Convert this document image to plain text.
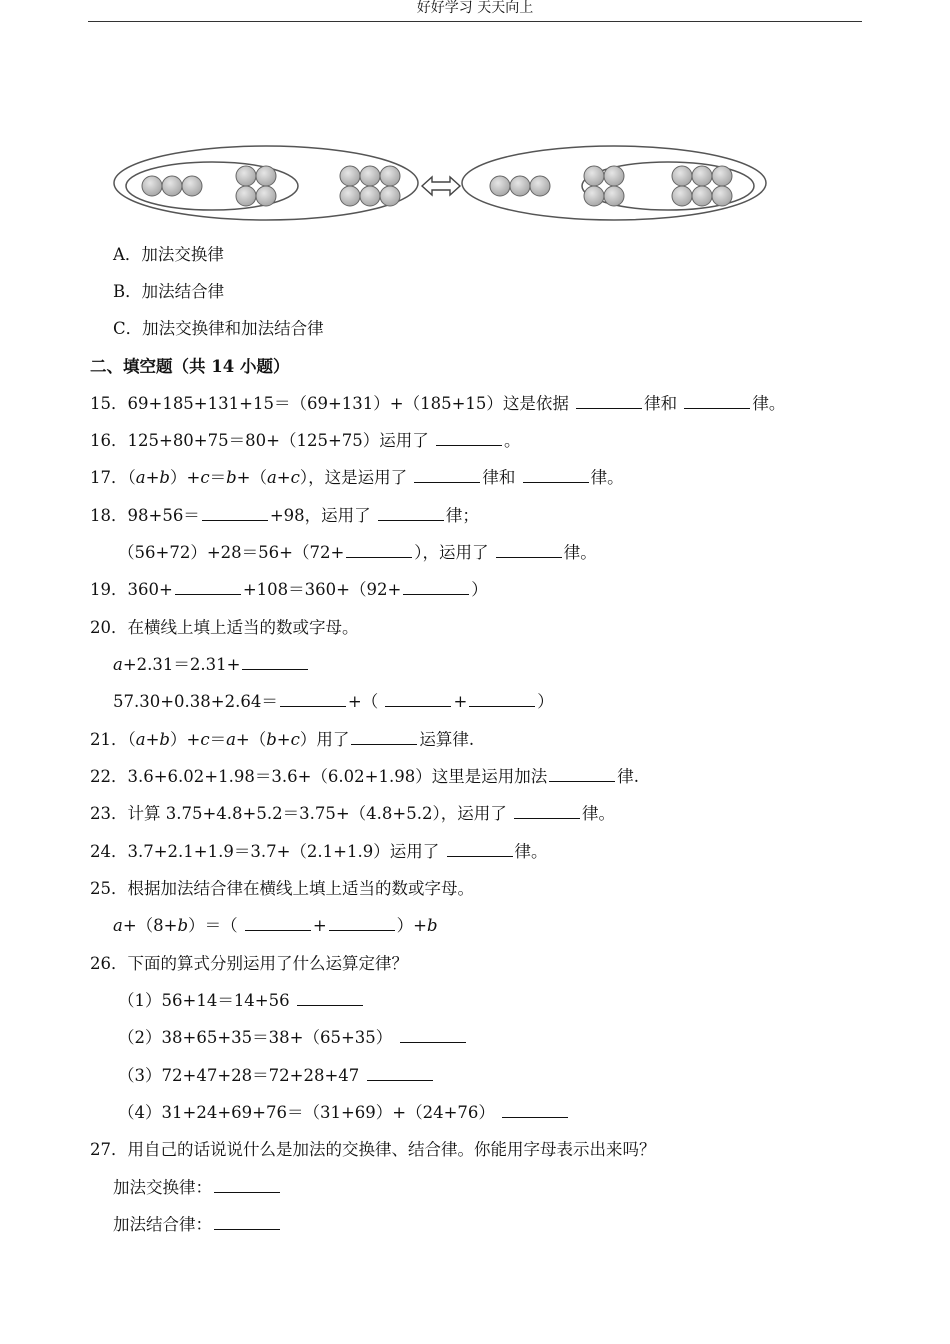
好好学习 天天向上
A．加法交换律
B．加法结合律
C．加法交换律和加法结合律
二、填空题（共 14 小题）
15．69+185+131+15＝（69+131）+（185+15）这是依据	律和	律。
16．125+80+75＝80+（125+75）运用了	。
17．（a+b）+c＝b+（a+c），这是运用了	律和	律。
18．98+56＝	+98，运用了	律；
（56+72）+28＝56+（72+	），运用了	律。
19．360+	+108＝360+（92+	）
20．在横线上填上适当的数或字母。
a+2.31＝2.31+
57.30+0.38+2.64＝	+（	+	）
21．（a+b）+c＝a+（b+c）用了	运算律.
22．3.6+6.02+1.98＝3.6+（6.02+1.98）这里是运用加法	律.
23．计算 3.75+4.8+5.2＝3.75+（4.8+5.2），运用了	律。
24．3.7+2.1+1.9＝3.7+（2.1+1.9）运用了	律。
25．根据加法结合律在横线上填上适当的数或字母。
a+（8+b）＝（	+	）+b
26．下面的算式分别运用了什么运算定律？
（1）56+14＝14+56
（2）38+65+35＝38+（65+35）
（3）72+47+28＝72+28+47
（4）31+24+69+76＝（31+69）+（24+76）
27．用自己的话说说什么是加法的交换律、结合律。你能用字母表示出来吗？
加法交换律：
加法结合律：
